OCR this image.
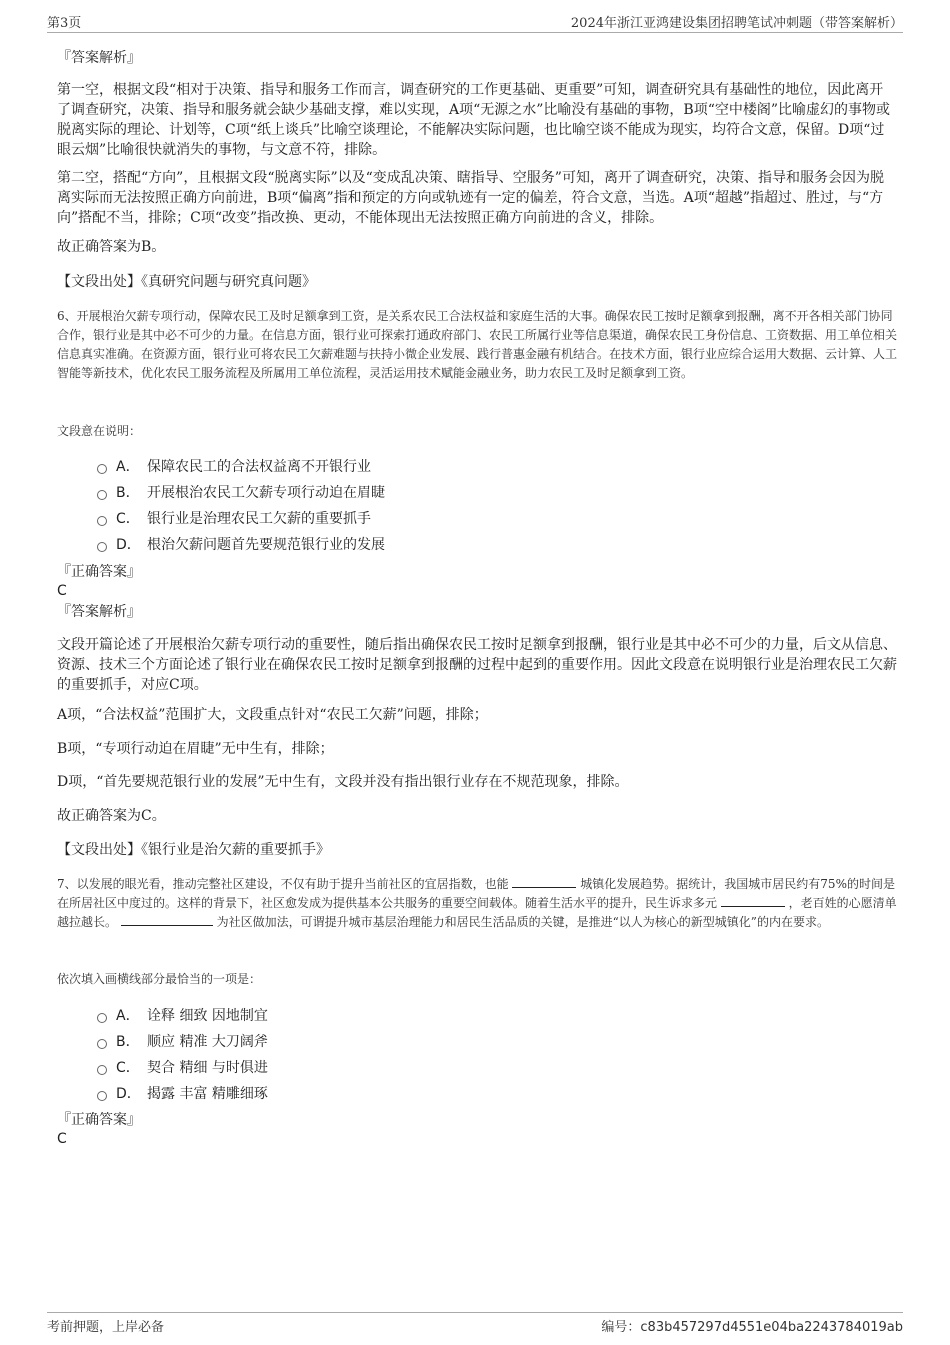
第3页	2024年浙江亚鸿建设集团招聘笔试冲刺题（带答案解析）
『答案解析』
第一空，根据文段“相对于决策、指导和服务工作而言，调查研究的工作更基础、更重要”可知，调查研究具有基础性的地位，因此离开了调查研究，决策、指导和服务就会缺少基础支撑，难以实现，A项“无源之水”比喻没有基础的事物，B项“空中楼阁”比喻虚幻的事物或脱离实际的理论、计划等，C项“纸上谈兵”比喻空谈理论，不能解决实际问题，也比喻空谈不能成为现实，均符合文意，保留。D项“过眼云烟”比喻很快就消失的事物，与文意不符，排除。
第二空，搭配“方向”，且根据文段“脱离实际”以及“变成乱决策、瞎指导、空服务”可知，离开了调查研究，决策、指导和服务会因为脱离实际而无法按照正确方向前进，B项“偏离”指和预定的方向或轨迹有一定的偏差，符合文意，当选。A项“超越”指超过、胜过，与“方向”搭配不当，排除；C项“改变”指改换、更动，不能体现出无法按照正确方向前进的含义，排除。
故正确答案为B。
【文段出处】《真研究问题与研究真问题》
6、开展根治欠薪专项行动，保障农民工及时足额拿到工资，是关系农民工合法权益和家庭生活的大事。确保农民工按时足额拿到报酬，离不开各相关部门协同合作，银行业是其中必不可少的力量。在信息方面，银行业可探索打通政府部门、农民工所属行业等信息渠道，确保农民工身份信息、工资数据、用工单位相关信息真实准确。在资源方面，银行业可将农民工欠薪难题与扶持小微企业发展、践行普惠金融有机结合。在技术方面，银行业应综合运用大数据、云计算、人工智能等新技术，优化农民工服务流程及所属用工单位流程，灵活运用技术赋能金融业务，助力农民工及时足额拿到工资。
文段意在说明：
A． 保障农民工的合法权益离不开银行业
B． 开展根治农民工欠薪专项行动迫在眉睫
C． 银行业是治理农民工欠薪的重要抓手
D． 根治欠薪问题首先要规范银行业的发展
『正确答案』
C
『答案解析』
文段开篇论述了开展根治欠薪专项行动的重要性，随后指出确保农民工按时足额拿到报酬，银行业是其中必不可少的力量，后文从信息、资源、技术三个方面论述了银行业在确保农民工按时足额拿到报酬的过程中起到的重要作用。因此文段意在说明银行业是治理农民工欠薪的重要抓手，对应C项。
A项，“合法权益”范围扩大，文段重点针对“农民工欠薪”问题，排除；
B项，“专项行动迫在眉睫”无中生有，排除；
D项，“首先要规范银行业的发展”无中生有，文段并没有指出银行业存在不规范现象，排除。
故正确答案为C。
【文段出处】《银行业是治欠薪的重要抓手》
7、以发展的眼光看，推动完整社区建设，不仅有助于提升当前社区的宜居指数，也能	城镇化发展趋势。据统计，我国城市居民约有75%的时间是在所居社区中度过的。这样的背景下，社区愈发成为提供基本公共服务的重要空间载体。随着生活水平的提升，民生诉求多元	，老百姓的心愿清单越拉越长。	为社区做加法，可谓提升城市基层治理能力和居民生活品质的关键，是推进“以人为核心的新型城镇化”的内在要求。
依次填入画横线部分最恰当的一项是：
A． 诠释 细致 因地制宜
B． 顺应 精准 大刀阔斧
C． 契合 精细 与时俱进
D． 揭露 丰富 精雕细琢
『正确答案』
C
考前押题，上岸必备	编号：c83b457297d4551e04ba2243784019ab
